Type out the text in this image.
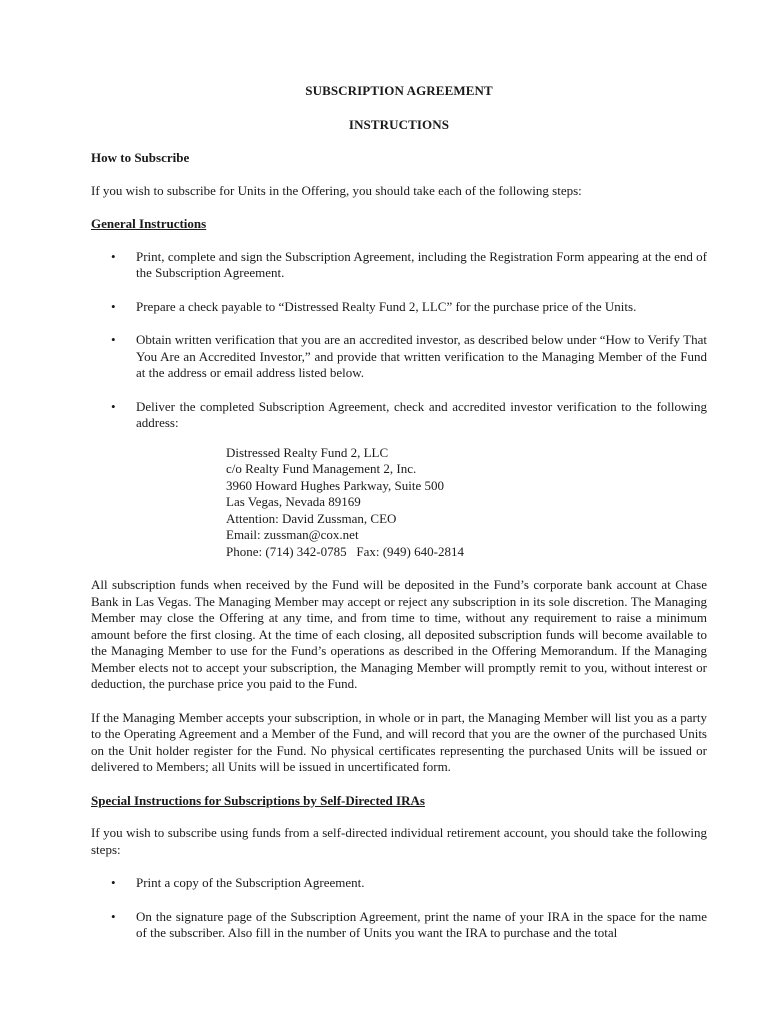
SUBSCRIPTION AGREEMENT
INSTRUCTIONS
How to Subscribe

If you wish to subscribe for Units in the Offering, you should take each of the following steps:

General Instructions
• Print, complete and sign the Subscription Agreement, including the Registration Form appearing at the end of the Subscription Agreement.
• Prepare a check payable to “Distressed Realty Fund 2, LLC” for the purchase price of the Units.
• Obtain written verification that you are an accredited investor, as described below under “How to Verify That You Are an Accredited Investor,” and provide that written verification to the Managing Member of the Fund at the address or email address listed below.
• Deliver the completed Subscription Agreement, check and accredited investor verification to the following address:
Distressed Realty Fund 2, LLC
c/o Realty Fund Management 2, Inc.
3960 Howard Hughes Parkway, Suite 500
Las Vegas, Nevada 89169
Attention: David Zussman, CEO
Email: zussman@cox.net
Phone: (714) 342-0785   Fax: (949) 640-2814

All subscription funds when received by the Fund will be deposited in the Fund’s corporate bank account at Chase Bank in Las Vegas. The Managing Member may accept or reject any subscription in its sole discretion. The Managing Member may close the Offering at any time, and from time to time, without any requirement to raise a minimum amount before the first closing. At the time of each closing, all deposited subscription funds will become available to the Managing Member to use for the Fund’s operations as described in the Offering Memorandum. If the Managing Member elects not to accept your subscription, the Managing Member will promptly remit to you, without interest or deduction, the purchase price you paid to the Fund.

If the Managing Member accepts your subscription, in whole or in part, the Managing Member will list you as a party to the Operating Agreement and a Member of the Fund, and will record that you are the owner of the purchased Units on the Unit holder register for the Fund. No physical certificates representing the purchased Units will be issued or delivered to Members; all Units will be issued in uncertificated form.

Special Instructions for Subscriptions by Self-Directed IRAs

If you wish to subscribe using funds from a self-directed individual retirement account, you should take the following steps:

• Print a copy of the Subscription Agreement.
• On the signature page of the Subscription Agreement, print the name of your IRA in the space for the name of the subscriber. Also fill in the number of Units you want the IRA to purchase and the total
